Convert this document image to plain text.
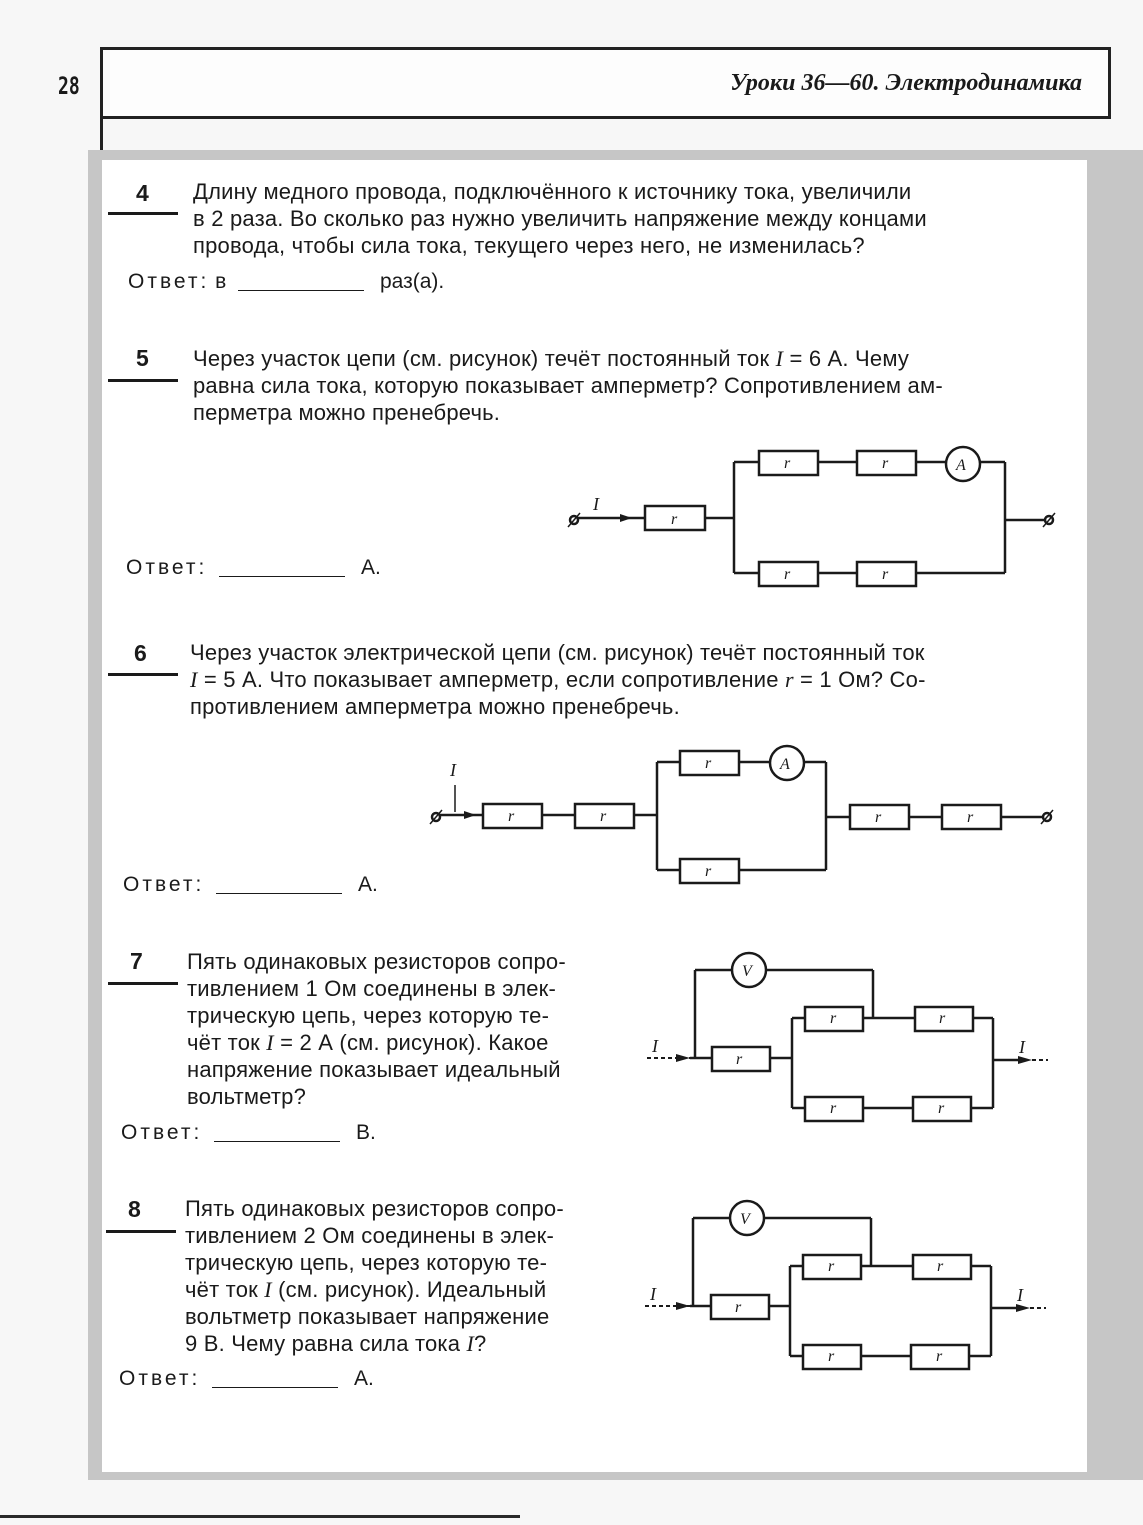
28	Уроки 36—60. Электродинамика
4 Длину медного провода, подключённого к источнику тока, увеличили
в 2 раза. Во сколько раз нужно увеличить напряжение между концами
провода, чтобы сила тока, текущего через него, не изменилась?
Ответ: в	раз(а).
5 Через участок цепи (см. рисунок) течёт постоянный ток I = 6 А. Чему
равна сила тока, которую показывает амперметр? Сопротивлением ам-
перметра можно пренебречь.
Ответ:	А.
I
r
r	r	A
r	r
6 Через участок электрической цепи (см. рисунок) течёт постоянный ток
I = 5 А. Что показывает амперметр, если сопротивление r = 1 Ом? Со-
противлением амперметра можно пренебречь.
Ответ:	А.
I
r	r
r	A
r
r	r
7 Пять одинаковых резисторов сопро-
тивлением 1 Ом соединены в элек-
трическую цепь, через которую те-
чёт ток I = 2 А (см. рисунок). Какое
напряжение показывает идеальный
вольтметр?
Ответ:	В.
I
V
r
r	r
r	r
I
8 Пять одинаковых резисторов сопро-
тивлением 2 Ом соединены в элек-
трическую цепь, через которую те-
чёт ток I (см. рисунок). Идеальный
вольтметр показывает напряжение
9 В. Чему равна сила тока I?
Ответ:	А.
I
V
r
r	r
r	r
I
